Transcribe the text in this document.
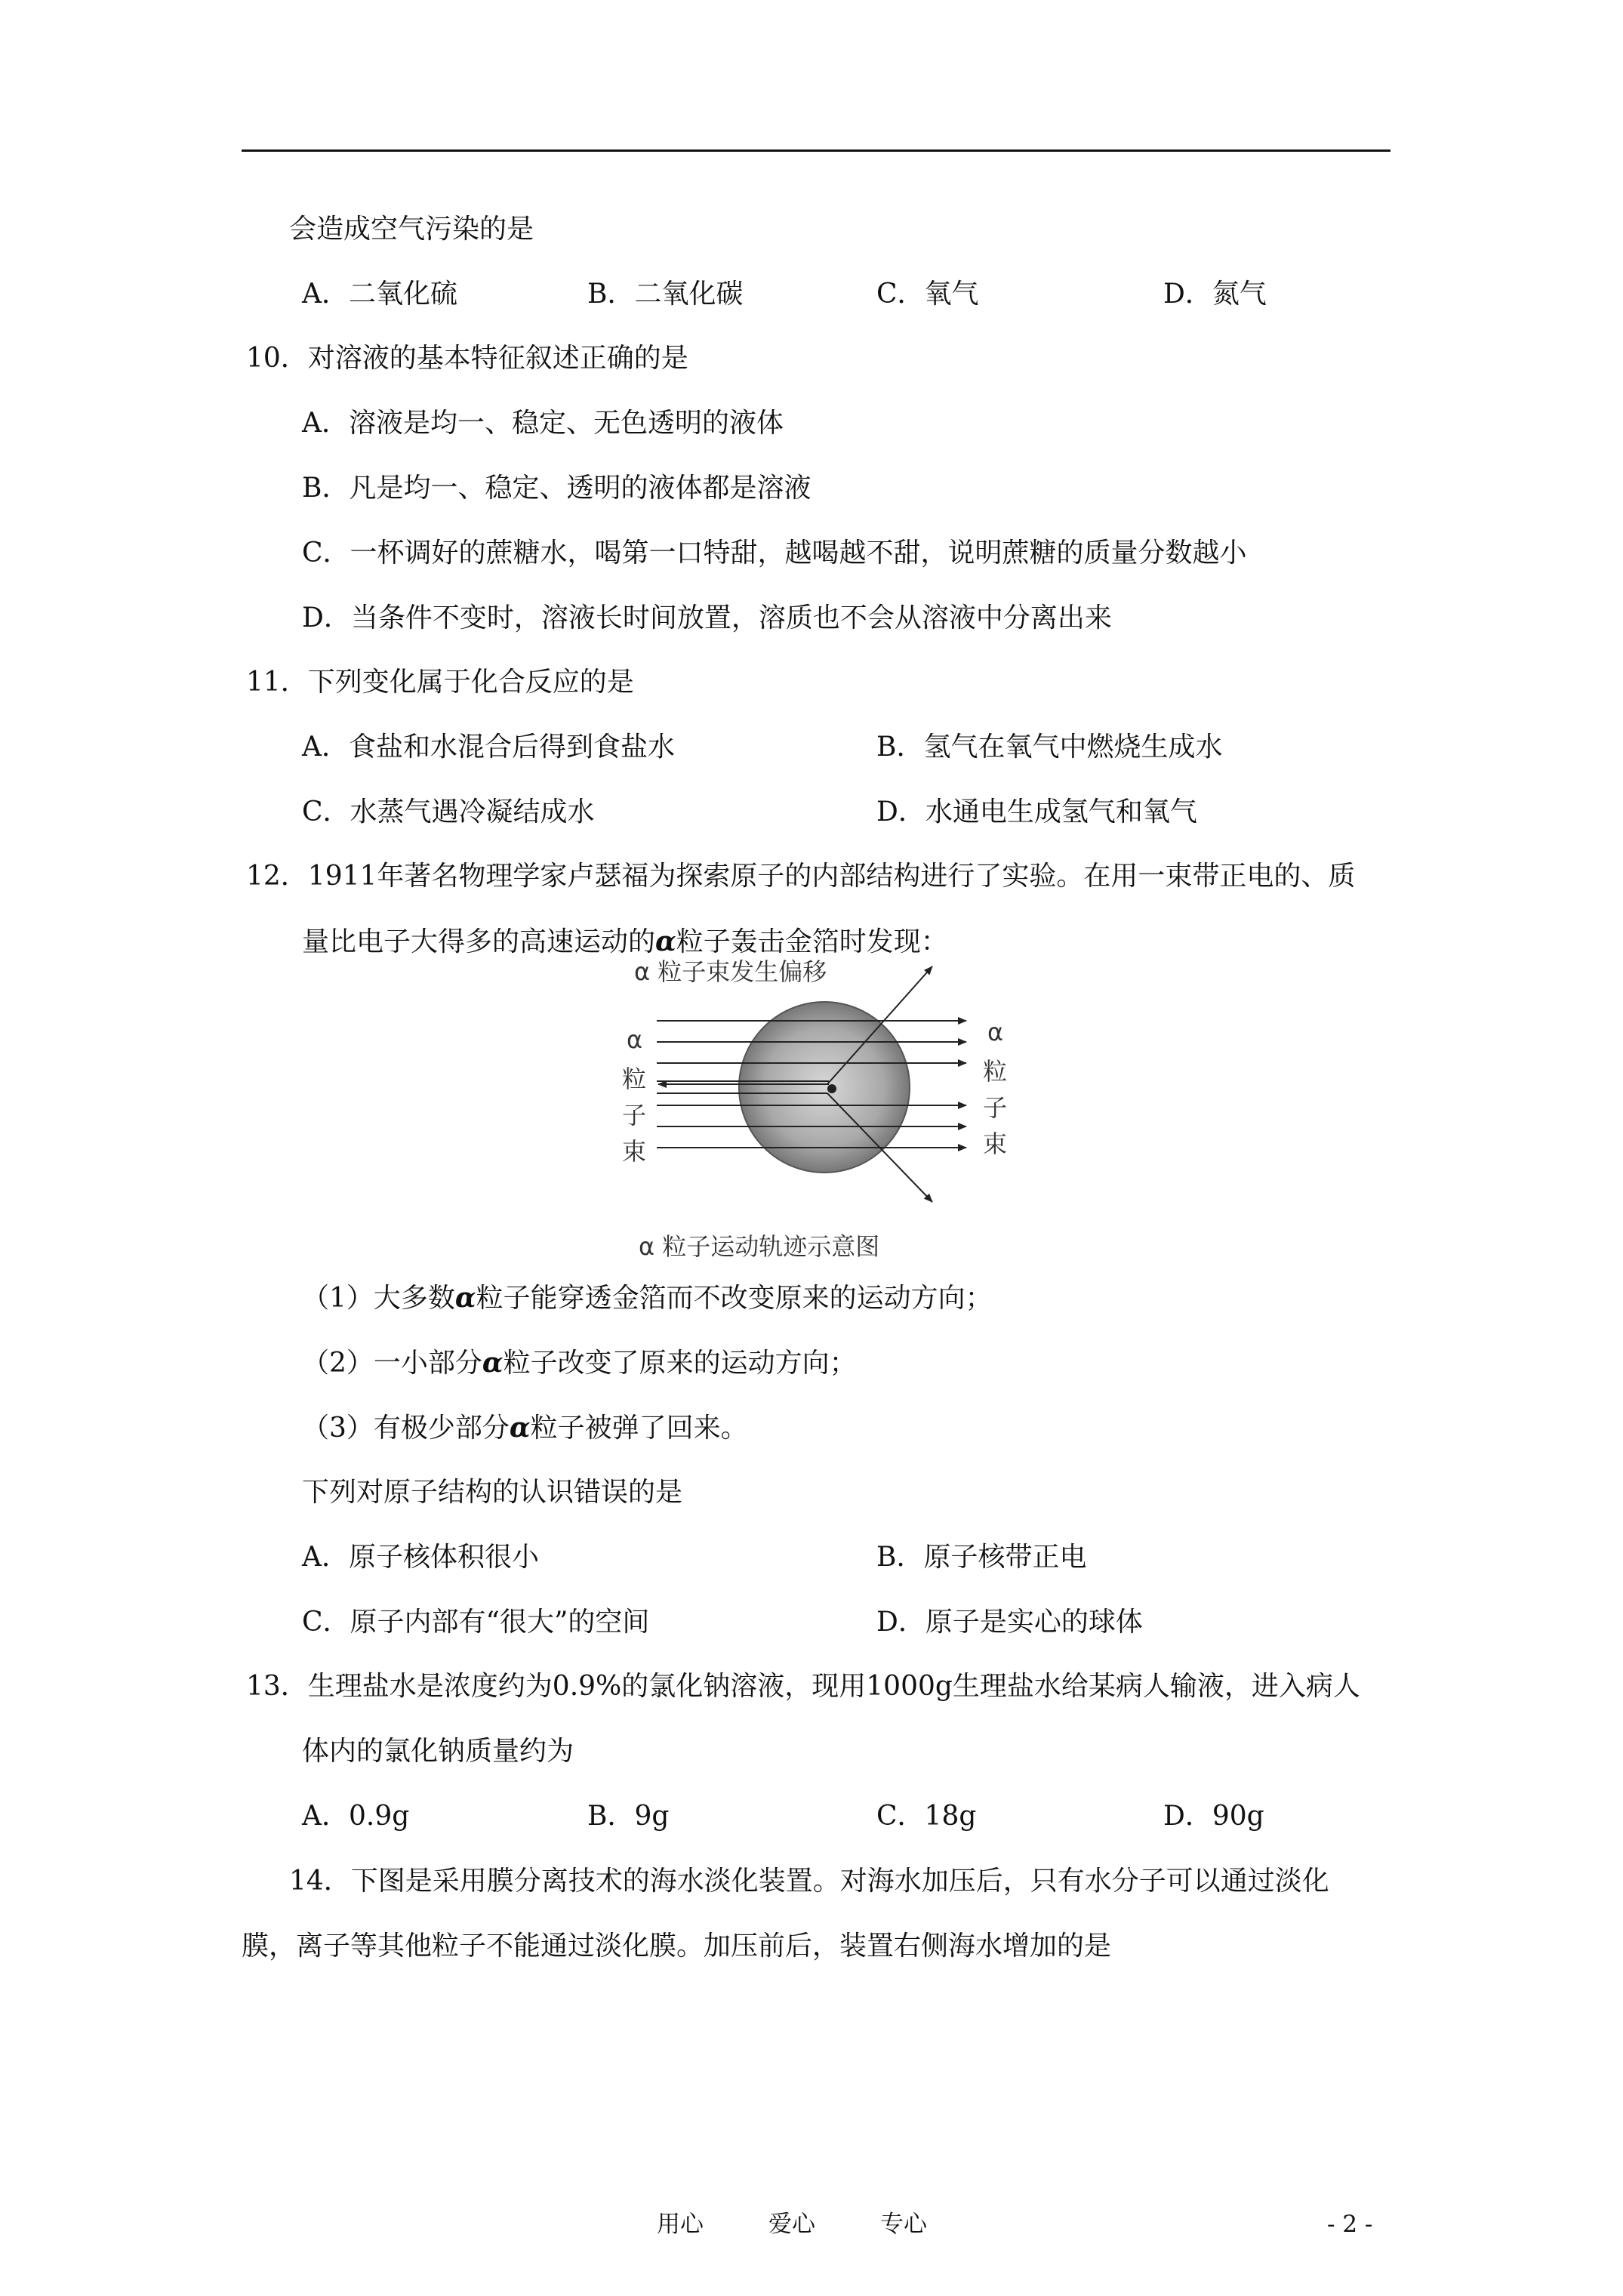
会造成空气污染的是
A．二氧化硫	B．二氧化碳	C．氧气	D．氮气
10．对溶液的基本特征叙述正确的是
A．溶液是均一、稳定、无色透明的液体
B．凡是均一、稳定、透明的液体都是溶液
C．一杯调好的蔗糖水，喝第一口特甜，越喝越不甜，说明蔗糖的质量分数越小
D．当条件不变时，溶液长时间放置，溶质也不会从溶液中分离出来
11．下列变化属于化合反应的是
A．食盐和水混合后得到食盐水	B．氢气在氧气中燃烧生成水
C．水蒸气遇冷凝结成水	D．水通电生成氢气和氧气
12．1911年著名物理学家卢瑟福为探索原子的内部结构进行了实验。在用一束带正电的、质
量比电子大得多的高速运动的α粒子轰击金箔时发现：
α 粒子束发生偏移
α
粒
子
束
α
粒
子
束
α 粒子运动轨迹示意图
（1）大多数α粒子能穿透金箔而不改变原来的运动方向；
（2）一小部分α粒子改变了原来的运动方向；
（3）有极少部分α粒子被弹了回来。
下列对原子结构的认识错误的是
A．原子核体积很小	B．原子核带正电
C．原子内部有“很大”的空间	D．原子是实心的球体
13．生理盐水是浓度约为0.9%的氯化钠溶液，现用1000g生理盐水给某病人输液，进入病人
体内的氯化钠质量约为
A．0.9g	B．9g	C．18g	D．90g
14．下图是采用膜分离技术的海水淡化装置。对海水加压后，只有水分子可以通过淡化
膜，离子等其他粒子不能通过淡化膜。加压前后，装置右侧海水增加的是
用心	爱心	专心	- 2 -
